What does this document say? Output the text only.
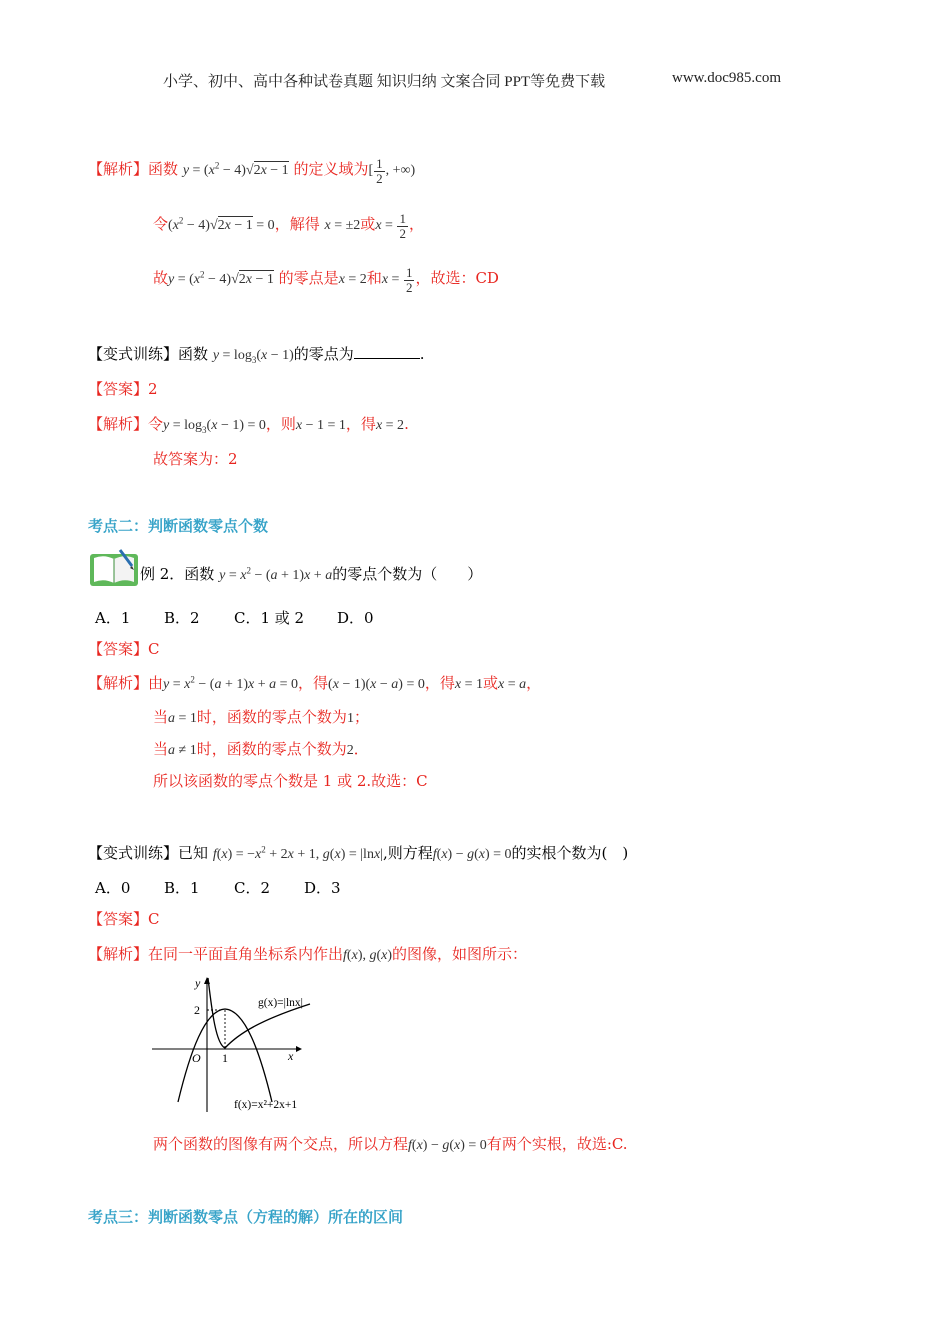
小学、初中、高中各种试卷真题 知识归纳 文案合同 PPT等免费下载	www.doc985.com
【解析】函数 $y = (x^2 - 4)√2x - 1$ 的定义域为[ $\frac{1}{2}$ , +∞)
令$(x^2 - 4)√2x - 1 = 0$，解得 x = ±2或$x = \frac{1}{2}$ ，
故$y = (x^2 - 4)√2x - 1$ 的零点是x = 2和$x = \frac{1}{2}$ ，故选：CD
【变式训练】函数 $y = \log_3(x - 1)$的零点为	.
【答案】2
【解析】令$y = \log_3(x - 1) = 0$，则x − 1 = 1，得x = 2.
故答案为：2
考点二：判断函数零点个数
例 2．函数 $y = x^2 - (a + 1)x + a$的零点个数为（　　）
A．1 B．2 C．1 或 2 D．0
【答案】C
【解析】由$y = x^2 - (a + 1)x + a = 0$，得(x − 1)(x − a) = 0，得x = 1或x = a，
当a = 1时，函数的零点个数为1；
当a ≠ 1时，函数的零点个数为2．
所以该函数的零点个数是 1 或 2.故选：C
【变式训练】已知 $f(x) = -x^2 + 2x + 1$, g(x) = |lnx|,则方程f(x) − g(x) = 0的实根个数为(　)
A．0 B．1 C．2 D．3
【答案】C
【解析】在同一平面直角坐标系内作出f(x), g(x)的图像，如图所示：
y
x
O
2
1
g(x)=|lnx|
f(x)=x²+2x+1
两个函数的图像有两个交点，所以方程f(x) − g(x) = 0有两个实根，故选:C.
考点三：判断函数零点（方程的解）所在的区间
